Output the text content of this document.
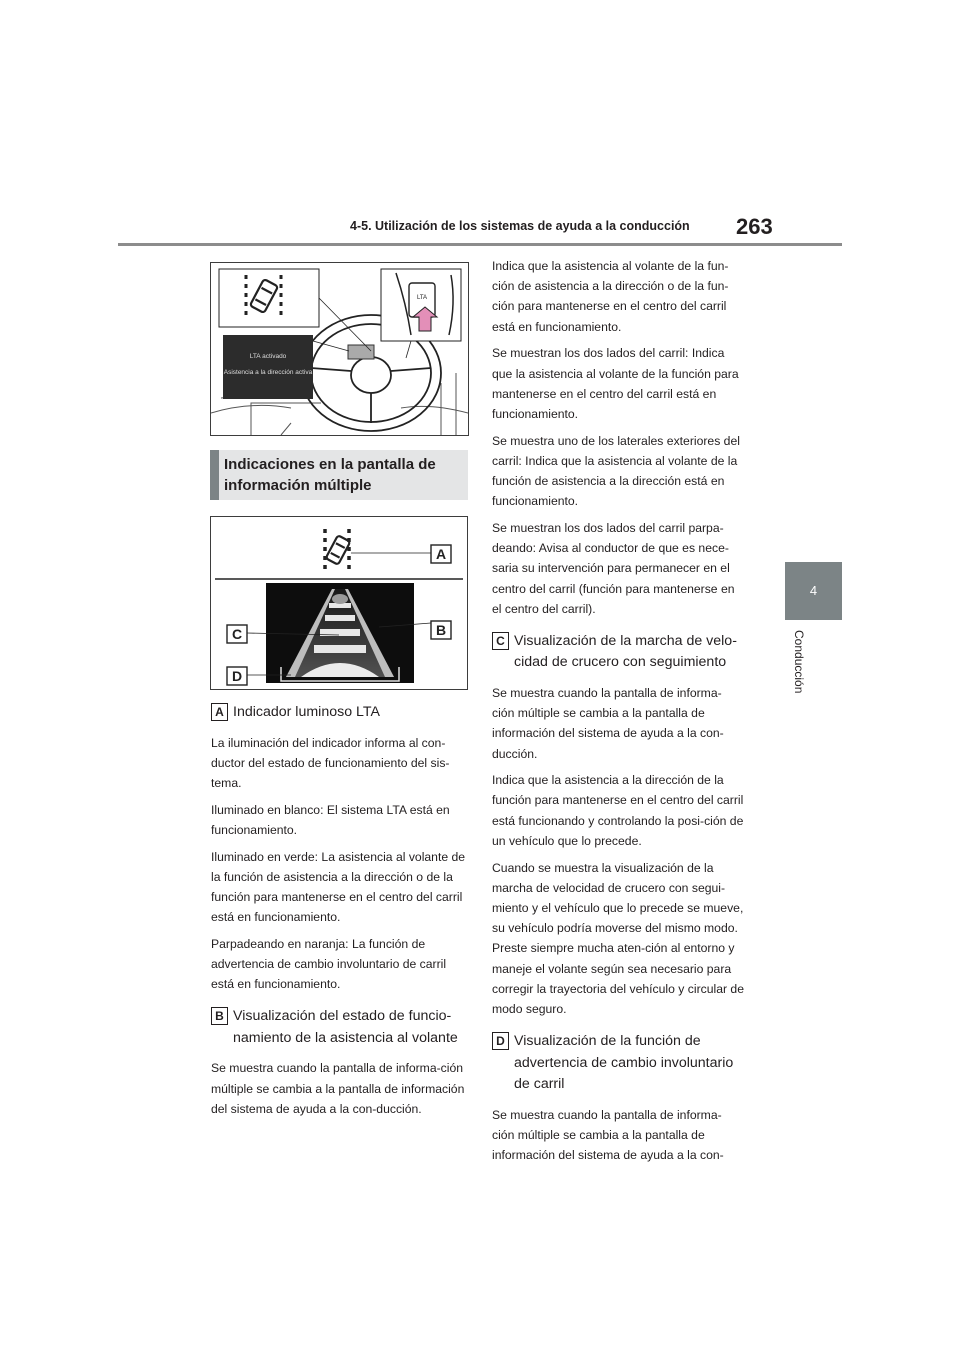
4-5. Utilización de los sistemas de ayuda a la conducción	263
4
Conducción
LTA activado
Asistencia a la dirección activa
LTA
Indicaciones en la pantalla de información múltiple
A
B
C
D
A Indicador luminoso LTA

La iluminación del indicador informa al con-ductor del estado de funcionamiento del sis-tema.

Iluminado en blanco: El sistema LTA está en funcionamiento.

Iluminado en verde: La asistencia al volante de la función de asistencia a la dirección o de la función para mantenerse en el centro del carril está en funcionamiento.

Parpadeando en naranja: La función de advertencia de cambio involuntario de carril está en funcionamiento.

B Visualización del estado de funcio-namiento de la asistencia al volante

Se muestra cuando la pantalla de informa-ción múltiple se cambia a la pantalla de información del sistema de ayuda a la con-ducción.

Indica que la asistencia al volante de la fun-ción de asistencia a la dirección o de la fun-ción para mantenerse en el centro del carril está en funcionamiento.

Se muestran los dos lados del carril: Indica que la asistencia al volante de la función para mantenerse en el centro del carril está en funcionamiento.

Se muestra uno de los laterales exteriores del carril: Indica que la asistencia al volante de la función de asistencia a la dirección está en funcionamiento.

Se muestran los dos lados del carril parpa-deando: Avisa al conductor de que es nece-saria su intervención para permanecer en el centro del carril (función para mantenerse en el centro del carril).

C Visualización de la marcha de velo-cidad de crucero con seguimiento

Se muestra cuando la pantalla de informa-ción múltiple se cambia a la pantalla de información del sistema de ayuda a la con-ducción.

Indica que la asistencia a la dirección de la función para mantenerse en el centro del carril está funcionando y controlando la posi-ción de un vehículo que lo precede.

Cuando se muestra la visualización de la marcha de velocidad de crucero con segui-miento y el vehículo que lo precede se mueve, su vehículo podría moverse del mismo modo. Preste siempre mucha aten-ción al entorno y maneje el volante según sea necesario para corregir la trayectoria del vehículo y circular de modo seguro.

D Visualización de la función de advertencia de cambio involuntario de carril

Se muestra cuando la pantalla de informa-ción múltiple se cambia a la pantalla de información del sistema de ayuda a la con-
